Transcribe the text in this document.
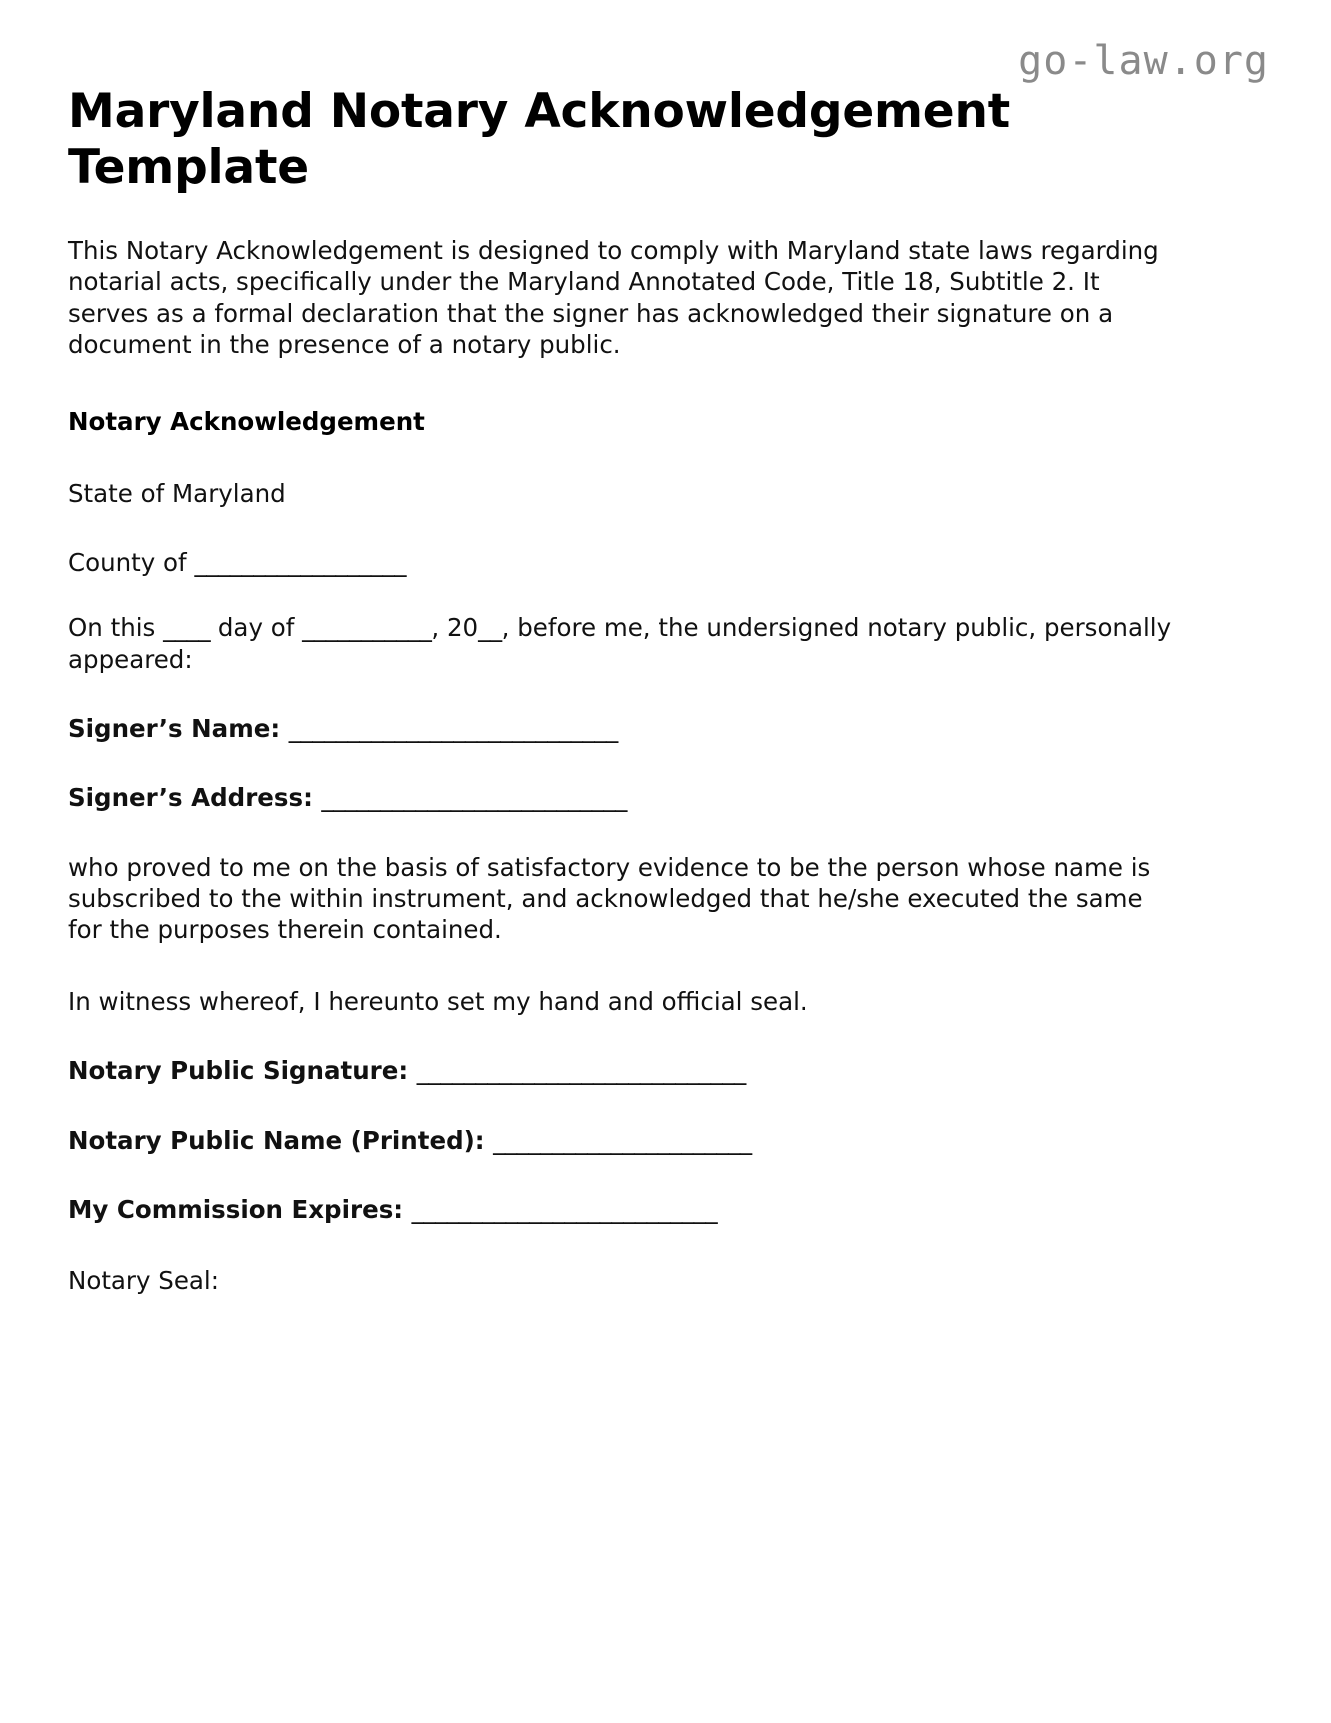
go-law.org
Maryland Notary Acknowledgement Template

This Notary Acknowledgement is designed to comply with Maryland state laws regarding notarial acts, specifically under the Maryland Annotated Code, Title 18, Subtitle 2. It serves as a formal declaration that the signer has acknowledged their signature on a document in the presence of a notary public.

Notary Acknowledgement

State of Maryland

County of __________________

On this ____ day of ___________, 20__, before me, the undersigned notary public, personally appeared:

Signer’s Name: ____________________________

Signer’s Address: __________________________

who proved to me on the basis of satisfactory evidence to be the person whose name is subscribed to the within instrument, and acknowledged that he/she executed the same for the purposes therein contained.

In witness whereof, I hereunto set my hand and official seal.

Notary Public Signature: ____________________________

Notary Public Name (Printed): ______________________

My Commission Expires: __________________________

Notary Seal:
